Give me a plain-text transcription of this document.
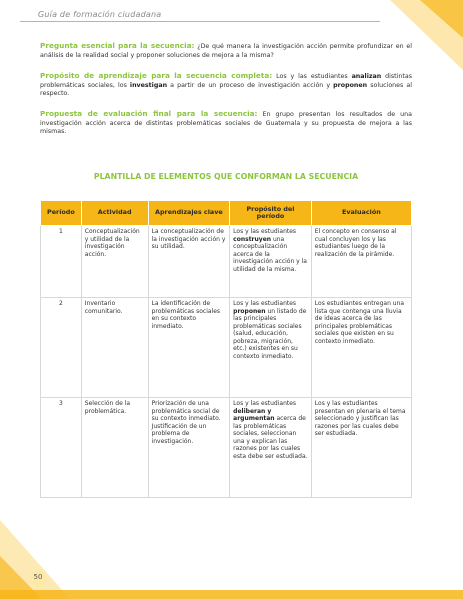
Guía de formación ciudadana
Pregunta esencial para la secuencia: ¿De qué manera la investigación acción permite profundizar en el análisis de la realidad social y proponer soluciones de mejora a la misma?
Propósito de aprendizaje para la secuencia completa: Los y las estudiantes analizan distintas problemáticas sociales, los investigan a partir de un proceso de investigación acción y proponen soluciones al respecto.
Propuesta de evaluación final para la secuencia: En grupo presentan los resultados de una investigación acción acerca de distintas problemáticas sociales de Guatemala y su propuesta de mejora a las mismas.
PLANTILLA DE ELEMENTOS QUE CONFORMAN LA SECUENCIA
Período	Actividad	Aprendizajes clave	Propósito del período	Evaluación
1	Conceptualización y utilidad de la investigación acción.	La conceptualización de la investigación acción y su utilidad.	Los y las estudiantes construyen una conceptualización acerca de la investigación acción y la utilidad de la misma.	El concepto en consenso al cual concluyen los y las estudiantes luego de la realización de la pirámide.
2	Inventario comunitario.	La identificación de problemáticas sociales en su contexto inmediato.	Los y las estudiantes proponen un listado de las principales problemáticas sociales (salud, educación, pobreza, migración, etc.) existentes en su contexto inmediato.	Los estudiantes entregan una lista que contenga una lluvia de ideas acerca de las principales problemáticas sociales que existen en su contexto inmediato.
3	Selección de la problemática.	Priorización de una problemática social de su contexto inmediato. Justificación de un problema de investigación.	Los y las estudiantes deliberan y argumentan acerca de las problemáticas sociales, seleccionan una y explican las razones por las cuales esta debe ser estudiada.	Los y las estudiantes presentan en plenaria el tema seleccionado y justifican las razones por las cuales debe ser estudiada.
50
